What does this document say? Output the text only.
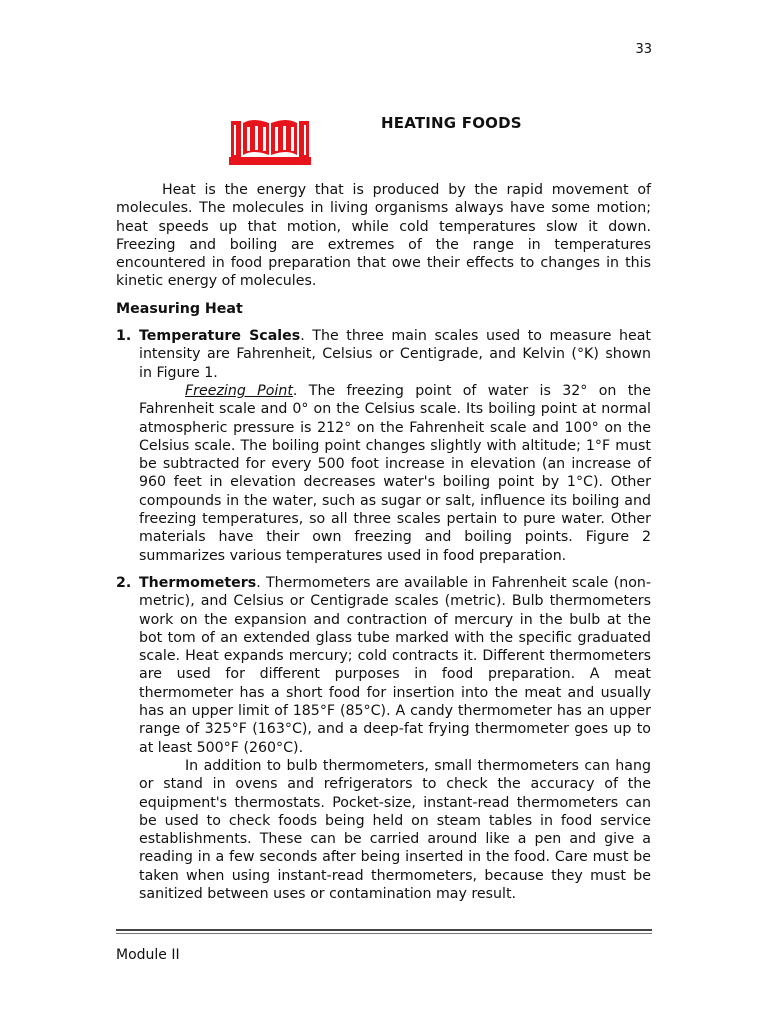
33
HEATING FOODS

Heat is the energy that is produced by the rapid movement of molecules. The molecules in living organisms always have some motion; heat speeds up that motion, while cold temperatures slow it down. Freezing and boiling are extremes of the range in temperatures encountered in food preparation that owe their effects to changes in this kinetic energy of molecules.

Measuring Heat
1. Temperature Scales. The three main scales used to measure heat intensity are Fahrenheit, Celsius or Centigrade, and Kelvin (°K) shown in Figure 1.

Freezing Point. The freezing point of water is 32° on the Fahrenheit scale and 0° on the Celsius scale. Its boiling point at normal atmospheric pressure is 212° on the Fahrenheit scale and 100° on the Celsius scale. The boiling point changes slightly with altitude; 1°F must be subtracted for every 500 foot increase in elevation (an increase of 960 feet in elevation decreases water's boiling point by 1°C). Other compounds in the water, such as sugar or salt, influence its boiling and freezing temperatures, so all three scales pertain to pure water. Other materials have their own freezing and boiling points. Figure 2 summarizes various temperatures used in food preparation.

2. Thermometers. Thermometers are available in Fahrenheit scale (non-metric), and Celsius or Centigrade scales (metric). Bulb thermometers work on the expansion and contraction of mercury in the bulb at the bot tom of an extended glass tube marked with the specific graduated scale. Heat expands mercury; cold contracts it. Different thermometers are used for different purposes in food preparation. A meat thermometer has a short food for insertion into the meat and usually has an upper limit of 185°F (85°C). A candy thermometer has an upper range of 325°F (163°C), and a deep-fat frying thermometer goes up to at least 500°F (260°C).

In addition to bulb thermometers, small thermometers can hang or stand in ovens and refrigerators to check the accuracy of the equipment's thermostats. Pocket-size, instant-read thermometers can be used to check foods being held on steam tables in food service establishments. These can be carried around like a pen and give a reading in a few seconds after being inserted in the food. Care must be taken when using instant-read thermometers, because they must be sanitized between uses or contamination may result.

Module II
